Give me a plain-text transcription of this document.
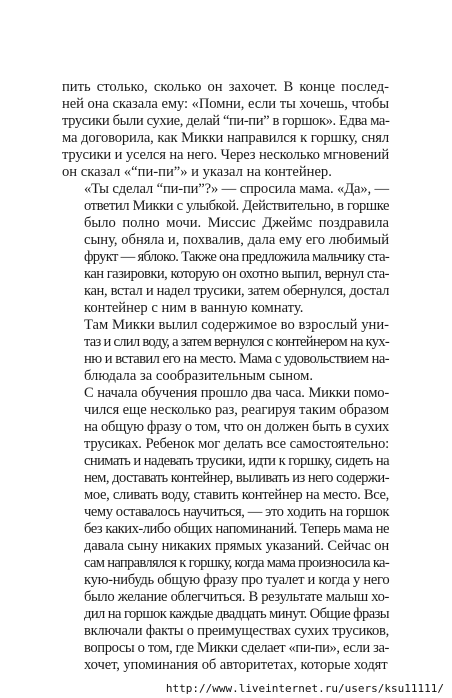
пить столько, сколько он захочет. В конце послед-
ней она сказала ему: «Помни, если ты хочешь, чтобы
трусики были сухие, делай “пи-пи” в горшок». Едва ма-
ма договорила, как Микки направился к горшку, снял
трусики и уселся на него. Через несколько мгновений
он сказал «“пи-пи”» и указал на контейнер.

«Ты сделал “пи-пи”?» — спросила мама. «Да», —
ответил Микки с улыбкой. Действительно, в горшке
было полно мочи. Миссис Джеймс поздравила
сыну, обняла и, похвалив, дала ему его любимый
фрукт — яблоко. Также она предложила мальчику ста-
кан газировки, которую он охотно выпил, вернул ста-
кан, встал и надел трусики, затем обернулся, достал
контейнер с ним в ванную комнату.

Там Микки вылил содержимое во взрослый уни-
таз и слил воду, а затем вернулся с контейнером на кух-
ню и вставил его на место. Мама с удовольствием на-
блюдала за сообразительным сыном.

С начала обучения прошло два часа. Микки помо-
чился еще несколько раз, реагируя таким образом
на общую фразу о том, что он должен быть в сухих
трусиках. Ребенок мог делать все самостоятельно:
снимать и надевать трусики, идти к горшку, сидеть на
нем, доставать контейнер, выливать из него содержи-
мое, сливать воду, ставить контейнер на место. Все,
чему оставалось научиться, — это ходить на горшок
без каких-либо общих напоминаний. Теперь мама не
давала сыну никаких прямых указаний. Сейчас он
сам направлялся к горшку, когда мама произносила ка-
кую-нибудь общую фразу про туалет и когда у него
было желание облегчиться. В результате малыш хо-
дил на горшок каждые двадцать минут. Общие фразы
включали факты о преимуществах сухих трусиков,
вопросы о том, где Микки сделает «пи-пи», если за-
хочет, упоминания об авторитетах, которые ходят

http://www.liveinternet.ru/users/ksu11111/
